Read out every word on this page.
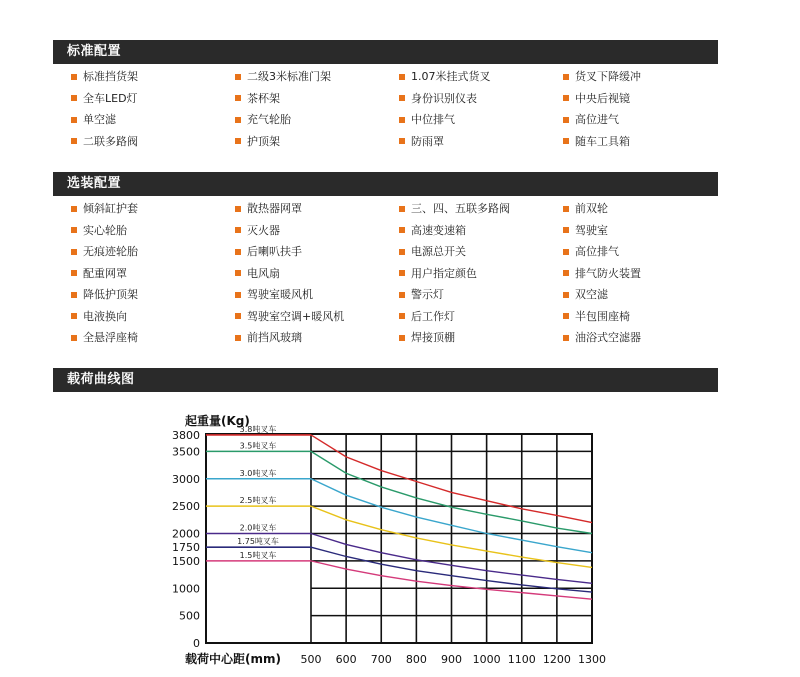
标准配置
标准挡货架	二级3米标准门架	1.07米挂式货叉	货叉下降缓冲
全车LED灯	茶杯架	身份识别仪表	中央后视镜
单空滤	充气轮胎	中位排气	高位进气
二联多路阀	护顶架	防雨罩	随车工具箱
选装配置
倾斜缸护套	散热器网罩	三、四、五联多路阀	前双轮
实心轮胎	灭火器	高速变速箱	驾驶室
无痕迹轮胎	后喇叭扶手	电源总开关	高位排气
配重网罩	电风扇	用户指定颜色	排气防火装置
降低护顶架	驾驶室暖风机	警示灯	双空滤
电液换向	驾驶室空调+暖风机	后工作灯	半包围座椅
全悬浮座椅	前挡风玻璃	焊接顶棚	油浴式空滤器
载荷曲线图
500 600 700 800 900 1000 1100 1200 1300
0
500
1000
1500
1750
2000
2500
3000
3500
3800
起重量(Kg)
载荷中心距(mm)
3.8吨叉车
3.5吨叉车
3.0吨叉车
2.5吨叉车
2.0吨叉车
1.75吨叉车
1.5吨叉车
